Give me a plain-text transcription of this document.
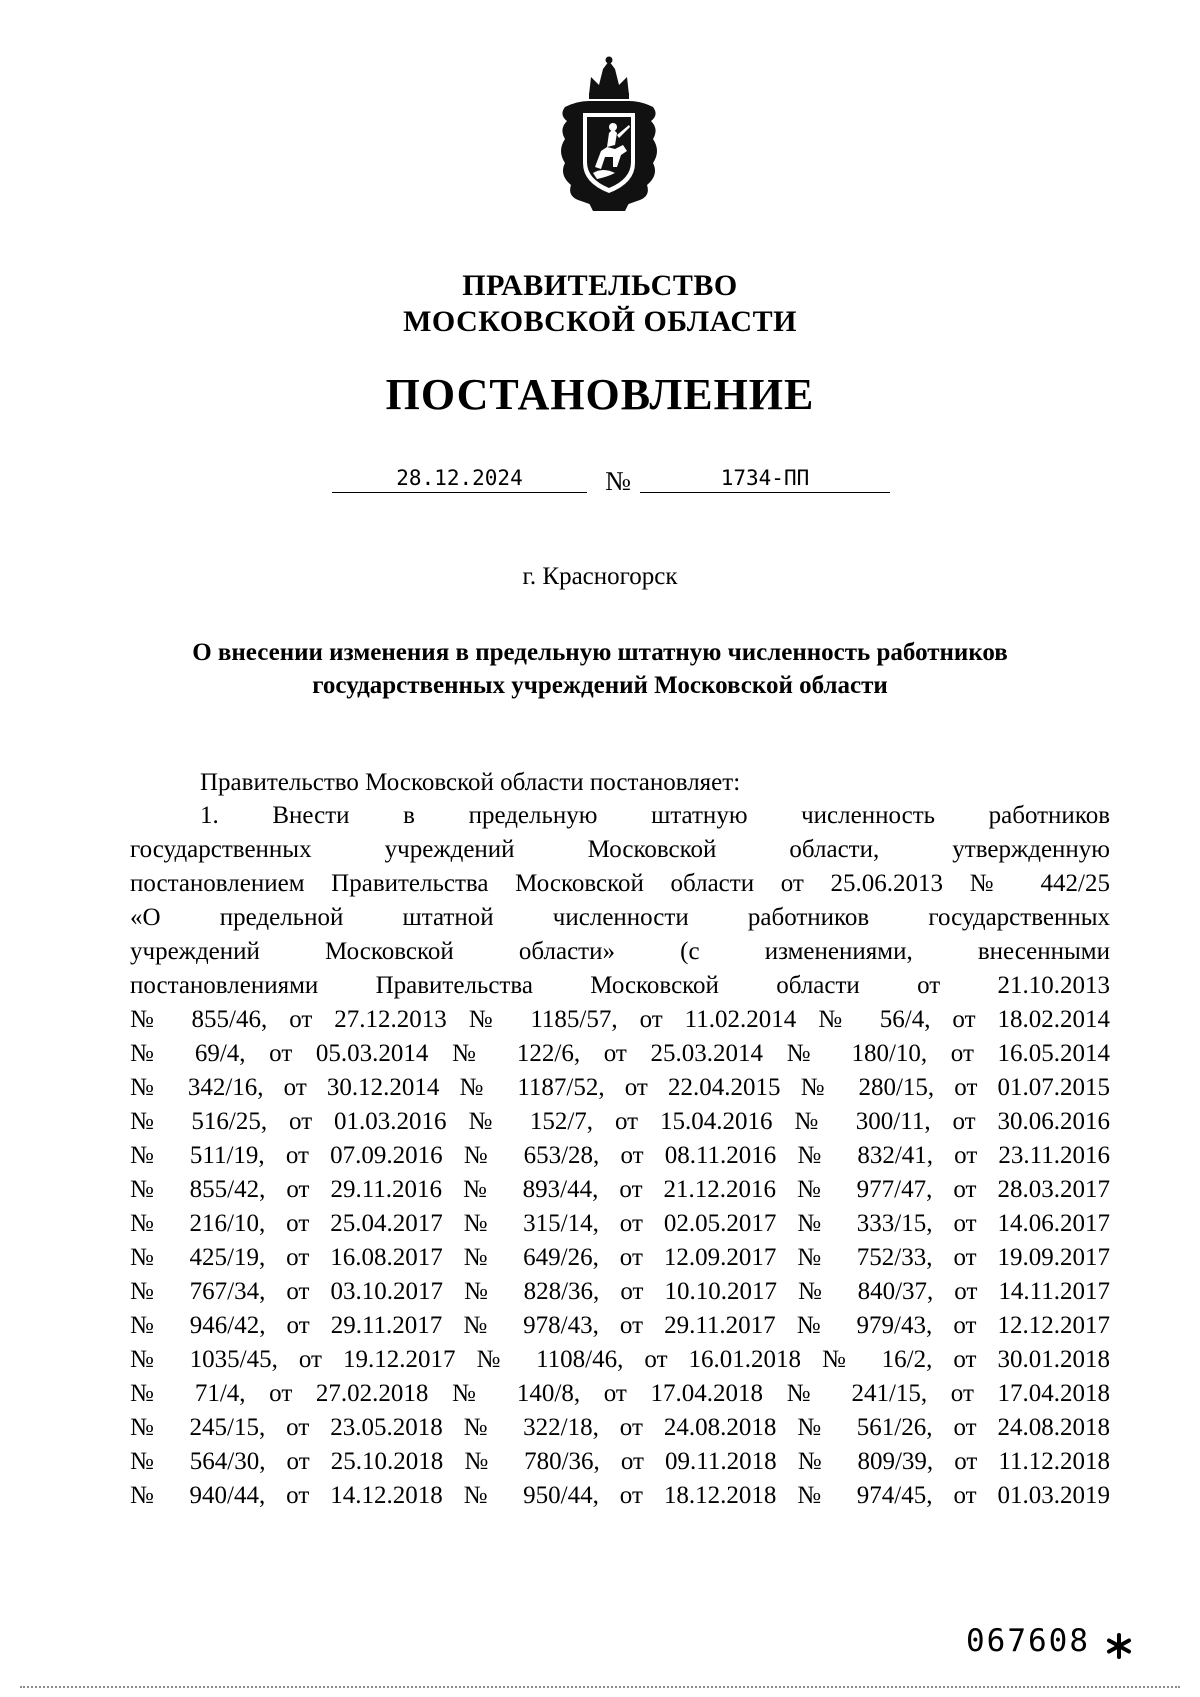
ПРАВИТЕЛЬСТВО
МОСКОВСКОЙ ОБЛАСТИ
ПОСТАНОВЛЕНИЕ
28.12.2024	№	1734-ПП
г. Красногорск
О внесении изменения в предельную штатную численность работников
государственных учреждений Московской области
Правительство Московской области постановляет:
1. Внести в предельную штатную численность работников
государственных учреждений Московской области, утвержденную
постановлением Правительства Московской области от 25.06.2013 № 442/25
«О предельной штатной численности работников государственных
учреждений Московской области» (с изменениями, внесенными
постановлениями Правительства Московской области от 21.10.2013
№ 855/46, от 27.12.2013 № 1185/57, от 11.02.2014 № 56/4, от 18.02.2014
№ 69/4, от 05.03.2014 № 122/6, от 25.03.2014 № 180/10, от 16.05.2014
№ 342/16, от 30.12.2014 № 1187/52, от 22.04.2015 № 280/15, от 01.07.2015
№ 516/25, от 01.03.2016 № 152/7, от 15.04.2016 № 300/11, от 30.06.2016
№ 511/19, от 07.09.2016 № 653/28, от 08.11.2016 № 832/41, от 23.11.2016
№ 855/42, от 29.11.2016 № 893/44, от 21.12.2016 № 977/47, от 28.03.2017
№ 216/10, от 25.04.2017 № 315/14, от 02.05.2017 № 333/15, от 14.06.2017
№ 425/19, от 16.08.2017 № 649/26, от 12.09.2017 № 752/33, от 19.09.2017
№ 767/34, от 03.10.2017 № 828/36, от 10.10.2017 № 840/37, от 14.11.2017
№ 946/42, от 29.11.2017 № 978/43, от 29.11.2017 № 979/43, от 12.12.2017
№ 1035/45, от 19.12.2017 № 1108/46, от 16.01.2018 № 16/2, от 30.01.2018
№ 71/4, от 27.02.2018 № 140/8, от 17.04.2018 № 241/15, от 17.04.2018
№ 245/15, от 23.05.2018 № 322/18, от 24.08.2018 № 561/26, от 24.08.2018
№ 564/30, от 25.10.2018 № 780/36, от 09.11.2018 № 809/39, от 11.12.2018
№ 940/44, от 14.12.2018 № 950/44, от 18.12.2018 № 974/45, от 01.03.2019
067608
